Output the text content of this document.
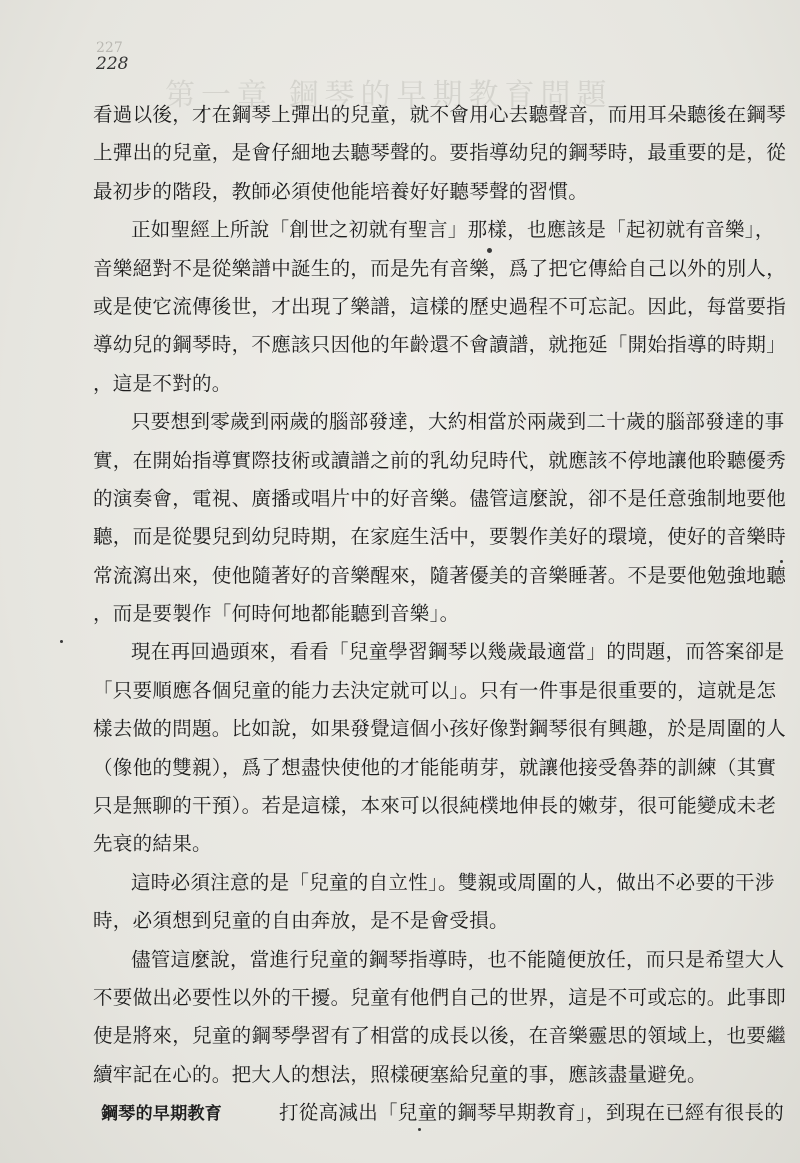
227
228
第一章 鋼琴的早期教育問題
看過以後，才在鋼琴上彈出的兒童，就不會用心去聽聲音，而用耳朵聽後在鋼琴
上彈出的兒童，是會仔細地去聽琴聲的。要指導幼兒的鋼琴時，最重要的是，從
最初步的階段，教師必須使他能培養好好聽琴聲的習慣。
正如聖經上所說「創世之初就有聖言」那樣，也應該是「起初就有音樂」，
音樂絕對不是從樂譜中誕生的，而是先有音樂，爲了把它傳給自己以外的別人，
或是使它流傳後世，才出現了樂譜，這樣的歷史過程不可忘記。因此，每當要指
導幼兒的鋼琴時，不應該只因他的年齡還不會讀譜，就拖延「開始指導的時期」
，這是不對的。
只要想到零歲到兩歲的腦部發達，大約相當於兩歲到二十歲的腦部發達的事
實，在開始指導實際技術或讀譜之前的乳幼兒時代，就應該不停地讓他聆聽優秀
的演奏會，電視、廣播或唱片中的好音樂。儘管這麼說，卻不是任意強制地要他
聽，而是從嬰兒到幼兒時期，在家庭生活中，要製作美好的環境，使好的音樂時
常流瀉出來，使他隨著好的音樂醒來，隨著優美的音樂睡著。不是要他勉強地聽
，而是要製作「何時何地都能聽到音樂」。
現在再回過頭來，看看「兒童學習鋼琴以幾歲最適當」的問題，而答案卻是
「只要順應各個兒童的能力去決定就可以」。只有一件事是很重要的，這就是怎
樣去做的問題。比如說，如果發覺這個小孩好像對鋼琴很有興趣，於是周圍的人
（像他的雙親），爲了想盡快使他的才能能萌芽，就讓他接受魯莽的訓練（其實
只是無聊的干預）。若是這樣，本來可以很純樸地伸長的嫩芽，很可能變成未老
先衰的結果。
這時必須注意的是「兒童的自立性」。雙親或周圍的人，做出不必要的干涉
時，必須想到兒童的自由奔放，是不是會受損。
儘管這麼說，當進行兒童的鋼琴指導時，也不能隨便放任，而只是希望大人
不要做出必要性以外的干擾。兒童有他們自己的世界，這是不可或忘的。此事即
使是將來，兒童的鋼琴學習有了相當的成長以後，在音樂靈思的領域上，也要繼
續牢記在心的。把大人的想法，照樣硬塞給兒童的事，應該盡量避免。
鋼琴的早期教育	打從高減出「兒童的鋼琴早期教育」，到現在已經有很長的
